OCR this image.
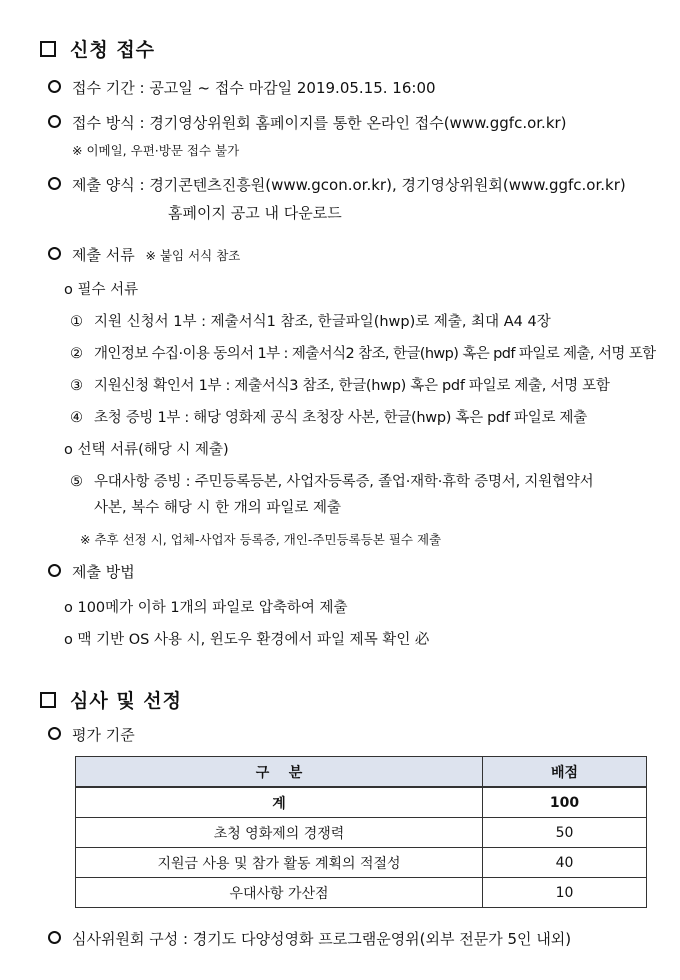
신청 접수
접수 기간 : 공고일 ~ 접수 마감일 2019.05.15. 16:00
접수 방식 : 경기영상위원회 홈페이지를 통한 온라인 접수(www.ggfc.or.kr)
※ 이메일, 우편·방문 접수 불가
제출 양식 : 경기콘텐츠진흥원(www.gcon.or.kr), 경기영상위원회(www.ggfc.or.kr)
홈페이지 공고 내 다운로드
제출 서류 ※ 붙임 서식 참조
o 필수 서류
① 지원 신청서 1부 : 제출서식1 참조, 한글파일(hwp)로 제출, 최대 A4 4장
② 개인정보 수집·이용 동의서 1부 : 제출서식2 참조, 한글(hwp) 혹은 pdf 파일로 제출, 서명 포함
③ 지원신청 확인서 1부 : 제출서식3 참조, 한글(hwp) 혹은 pdf 파일로 제출, 서명 포함
④ 초청 증빙 1부 : 해당 영화제 공식 초청장 사본, 한글(hwp) 혹은 pdf 파일로 제출
o 선택 서류(해당 시 제출)
⑤ 우대사항 증빙 : 주민등록등본, 사업자등록증, 졸업·재학·휴학 증명서, 지원협약서
사본, 복수 해당 시 한 개의 파일로 제출
※ 추후 선정 시, 업체-사업자 등록증, 개인-주민등록등본 필수 제출
제출 방법
o 100메가 이하 1개의 파일로 압축하여 제출
o 맥 기반 OS 사용 시, 윈도우 환경에서 파일 제목 확인 必
심사 및 선정
평가 기준
구    분	배점
계	100
초청 영화제의 경쟁력	50
지원금 사용 및 참가 활동 계획의 적절성	40
우대사항 가산점	10
심사위원회 구성 : 경기도 다양성영화 프로그램운영위(외부 전문가 5인 내외)
